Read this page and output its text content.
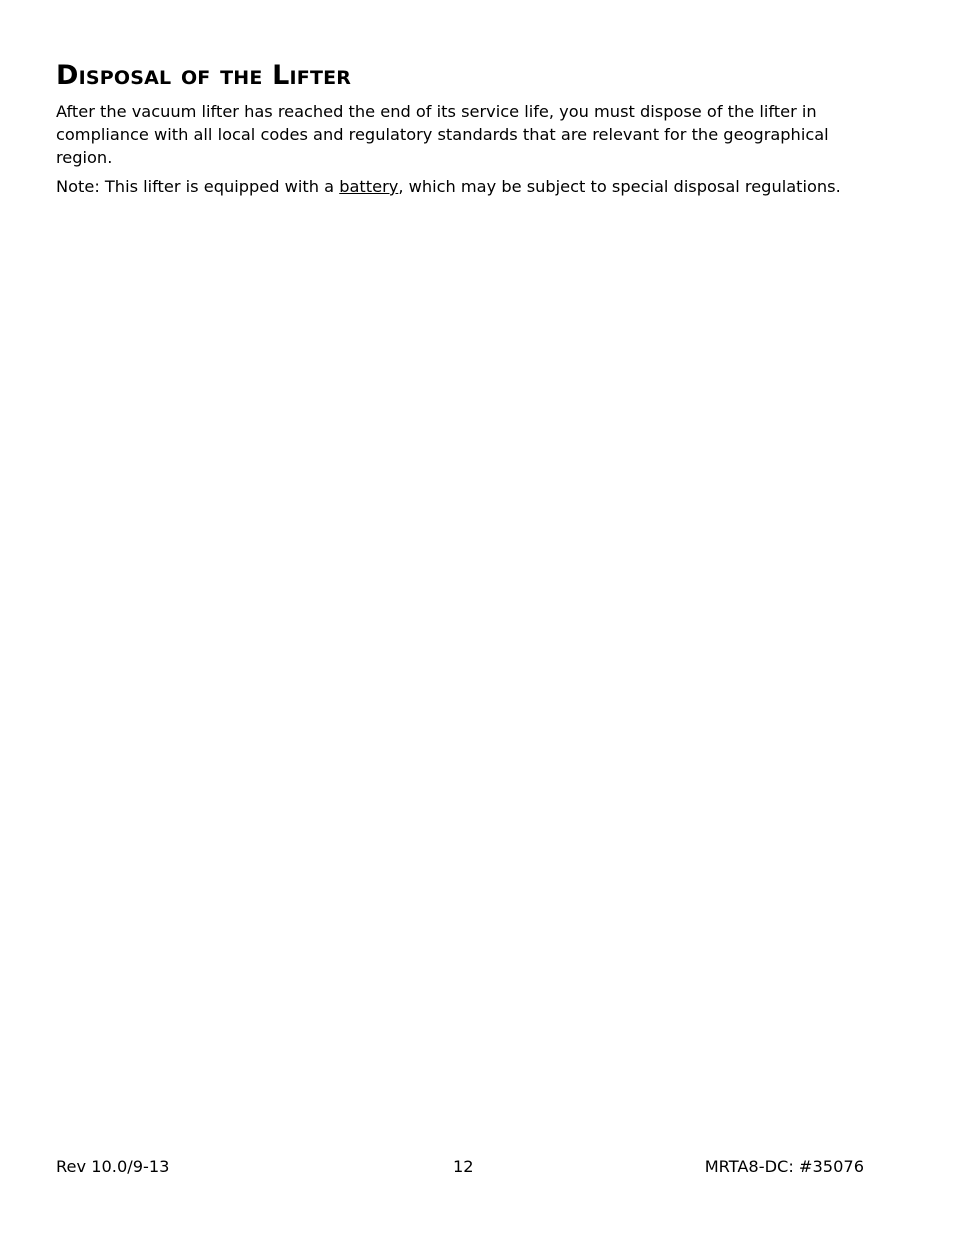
Disposal of the Lifter

After the vacuum lifter has reached the end of its service life, you must dispose of the lifter in compliance with all local codes and regulatory standards that are relevant for the geographical region.

Note: This lifter is equipped with a battery, which may be subject to special disposal regulations.

Rev 10.0/9-13	12	MRTA8-DC: #35076
